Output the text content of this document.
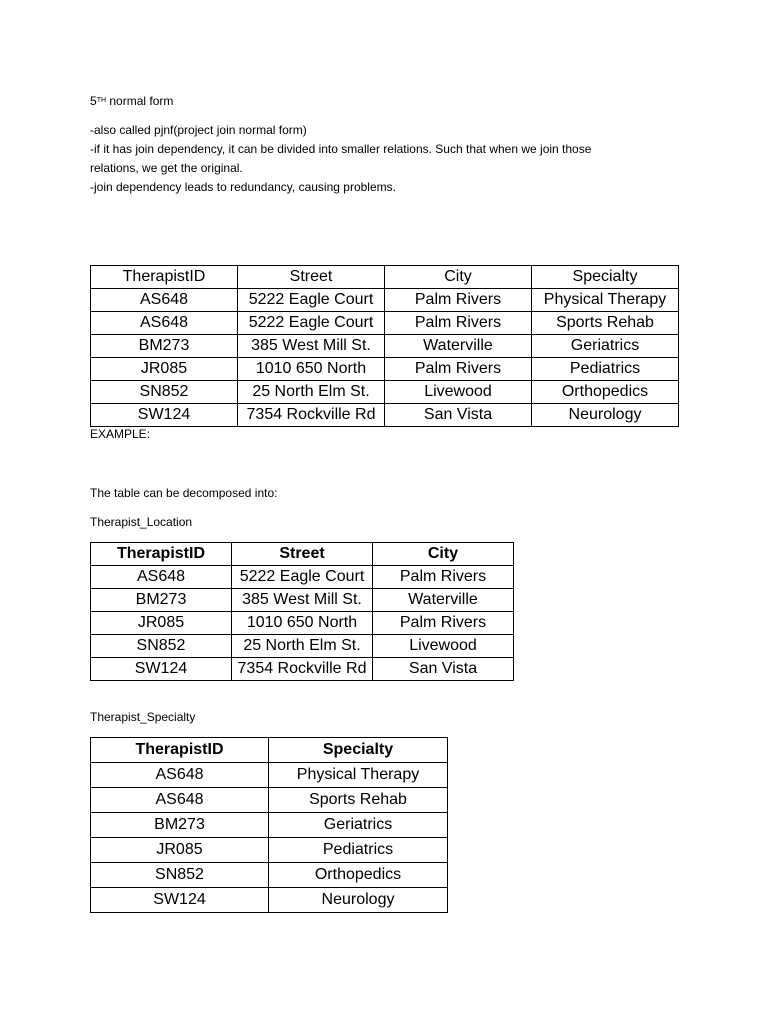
5TH normal form

-also called pjnf(project join normal form)
-if it has join dependency, it can be divided into smaller relations. Such that when we join those
relations, we get the original.
-join dependency leads to redundancy, causing problems.
TherapistID	Street	City	Specialty
AS648	5222 Eagle Court	Palm Rivers	Physical Therapy
AS648	5222 Eagle Court	Palm Rivers	Sports Rehab
BM273	385 West Mill St.	Waterville	Geriatrics
JR085	1010 650 North	Palm Rivers	Pediatrics
SN852	25 North Elm St.	Livewood	Orthopedics
SW124	7354 Rockville Rd	San Vista	Neurology

EXAMPLE:

The table can be decomposed into:

Therapist_Location

TherapistID	Street	City
AS648	5222 Eagle Court	Palm Rivers
BM273	385 West Mill St.	Waterville
JR085	1010 650 North	Palm Rivers
SN852	25 North Elm St.	Livewood
SW124	7354 Rockville Rd	San Vista

Therapist_Specialty

TherapistID	Specialty
AS648	Physical Therapy
AS648	Sports Rehab
BM273	Geriatrics
JR085	Pediatrics
SN852	Orthopedics
SW124	Neurology
